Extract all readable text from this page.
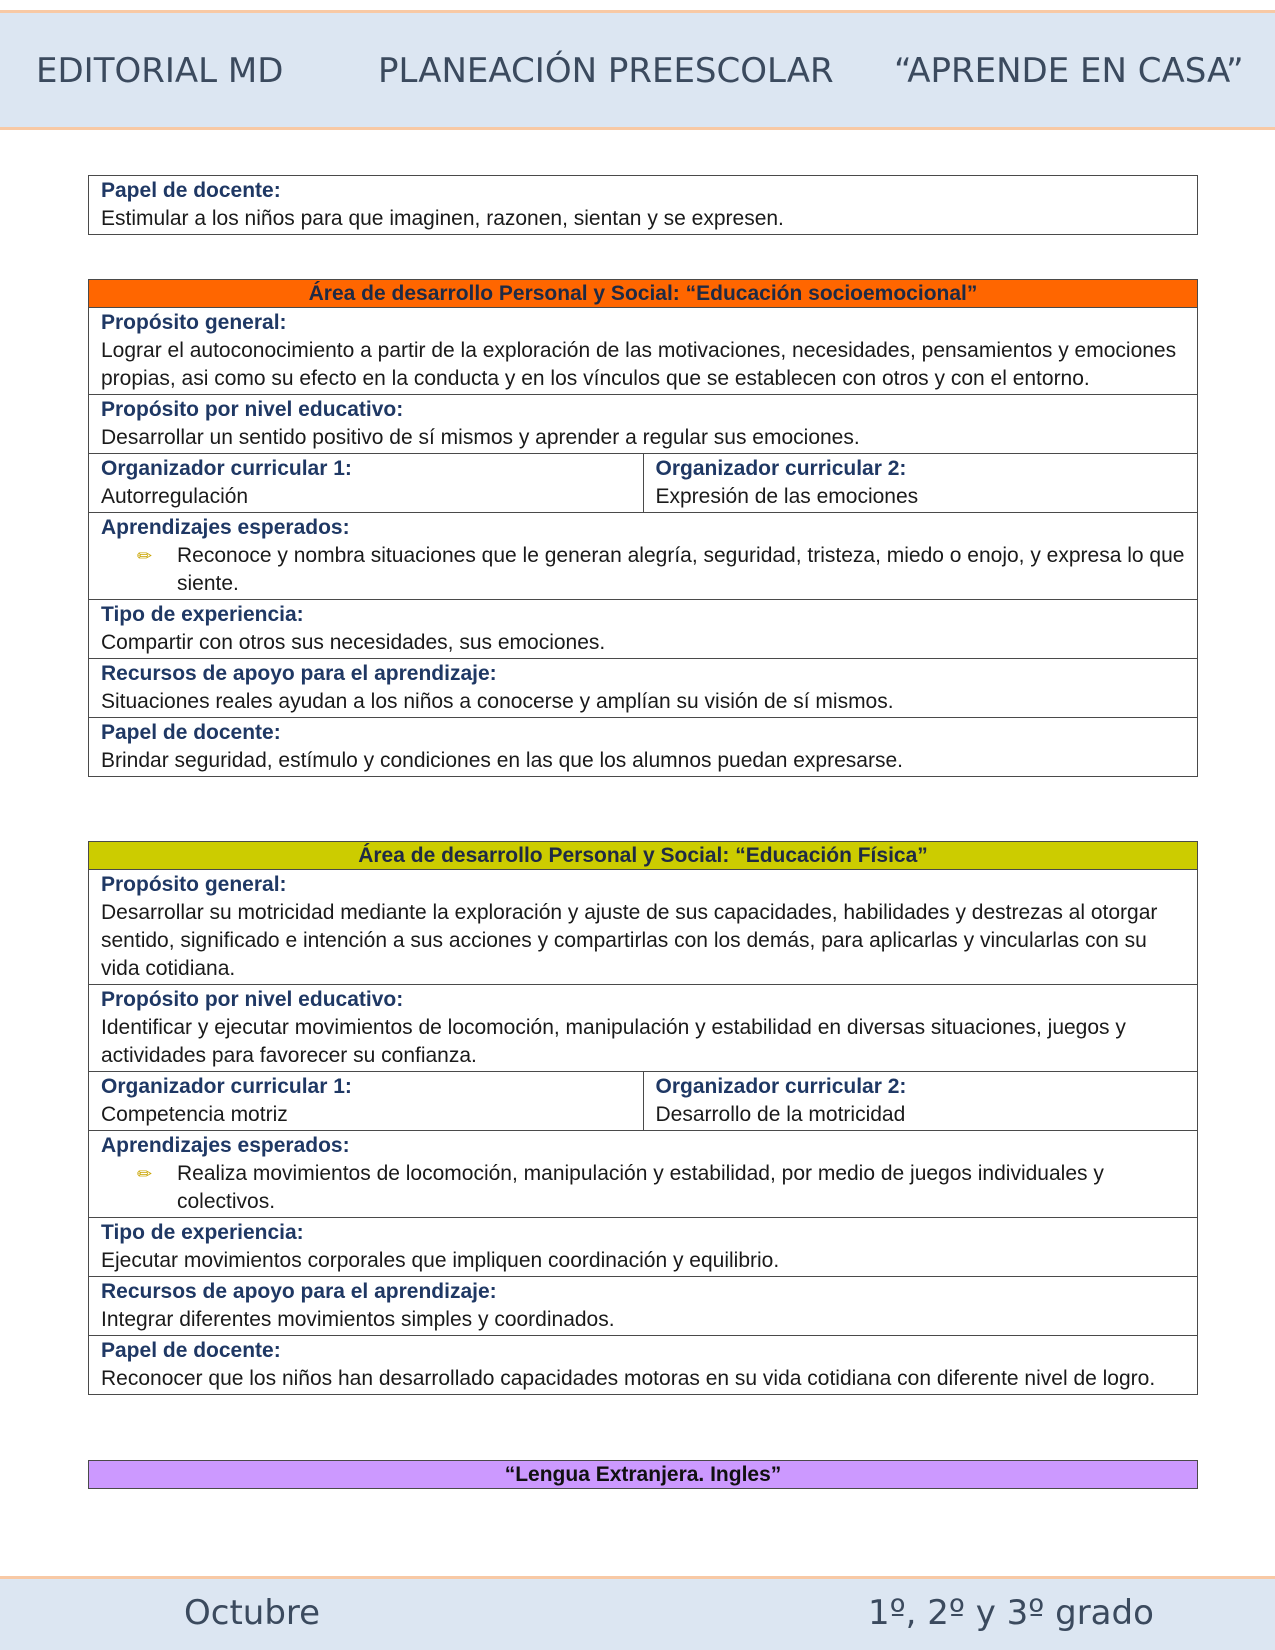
EDITORIAL MD	PLANEACIÓN PREESCOLAR “APRENDE EN CASA”
Papel de docente:
Estimular a los niños para que imaginen, razonen, sientan y se expresen.
Área de desarrollo Personal y Social: “Educación socioemocional”

Propósito general:
Lograr el autoconocimiento a partir de la exploración de las motivaciones, necesidades, pensamientos y emociones propias, asi como su efecto en la conducta y en los vínculos que se establecen con otros y con el entorno.

Propósito por nivel educativo:
Desarrollar un sentido positivo de sí mismos y aprender a regular sus emociones.

Organizador curricular 1:
Autorregulación

Organizador curricular 2:
Expresión de las emociones

Aprendizajes esperados:
✏	Reconoce y nombra situaciones que le generan alegría, seguridad, tristeza, miedo o enojo, y expresa lo que siente.

Tipo de experiencia:
Compartir con otros sus necesidades, sus emociones.

Recursos de apoyo para el aprendizaje:
Situaciones reales ayudan a los niños a conocerse y amplían su visión de sí mismos.

Papel de docente:
Brindar seguridad, estímulo y condiciones en las que los alumnos puedan expresarse.
Área de desarrollo Personal y Social: “Educación Física”

Propósito general:
Desarrollar su motricidad mediante la exploración y ajuste de sus capacidades, habilidades y destrezas al otorgar sentido, significado e intención a sus acciones y compartirlas con los demás, para aplicarlas y vincularlas con su vida cotidiana.

Propósito por nivel educativo:
Identificar y ejecutar movimientos de locomoción, manipulación y estabilidad en diversas situaciones, juegos y actividades para favorecer su confianza.

Organizador curricular 1:
Competencia motriz

Organizador curricular 2:
Desarrollo de la motricidad

Aprendizajes esperados:
✏	Realiza movimientos de locomoción, manipulación y estabilidad, por medio de juegos individuales y colectivos.

Tipo de experiencia:
Ejecutar movimientos corporales que impliquen coordinación y equilibrio.

Recursos de apoyo para el aprendizaje:
Integrar diferentes movimientos simples y coordinados.

Papel de docente:
Reconocer que los niños han desarrollado capacidades motoras en su vida cotidiana con diferente nivel de logro.
“Lengua Extranjera. Ingles”
Octubre	1º, 2º y 3º grado
